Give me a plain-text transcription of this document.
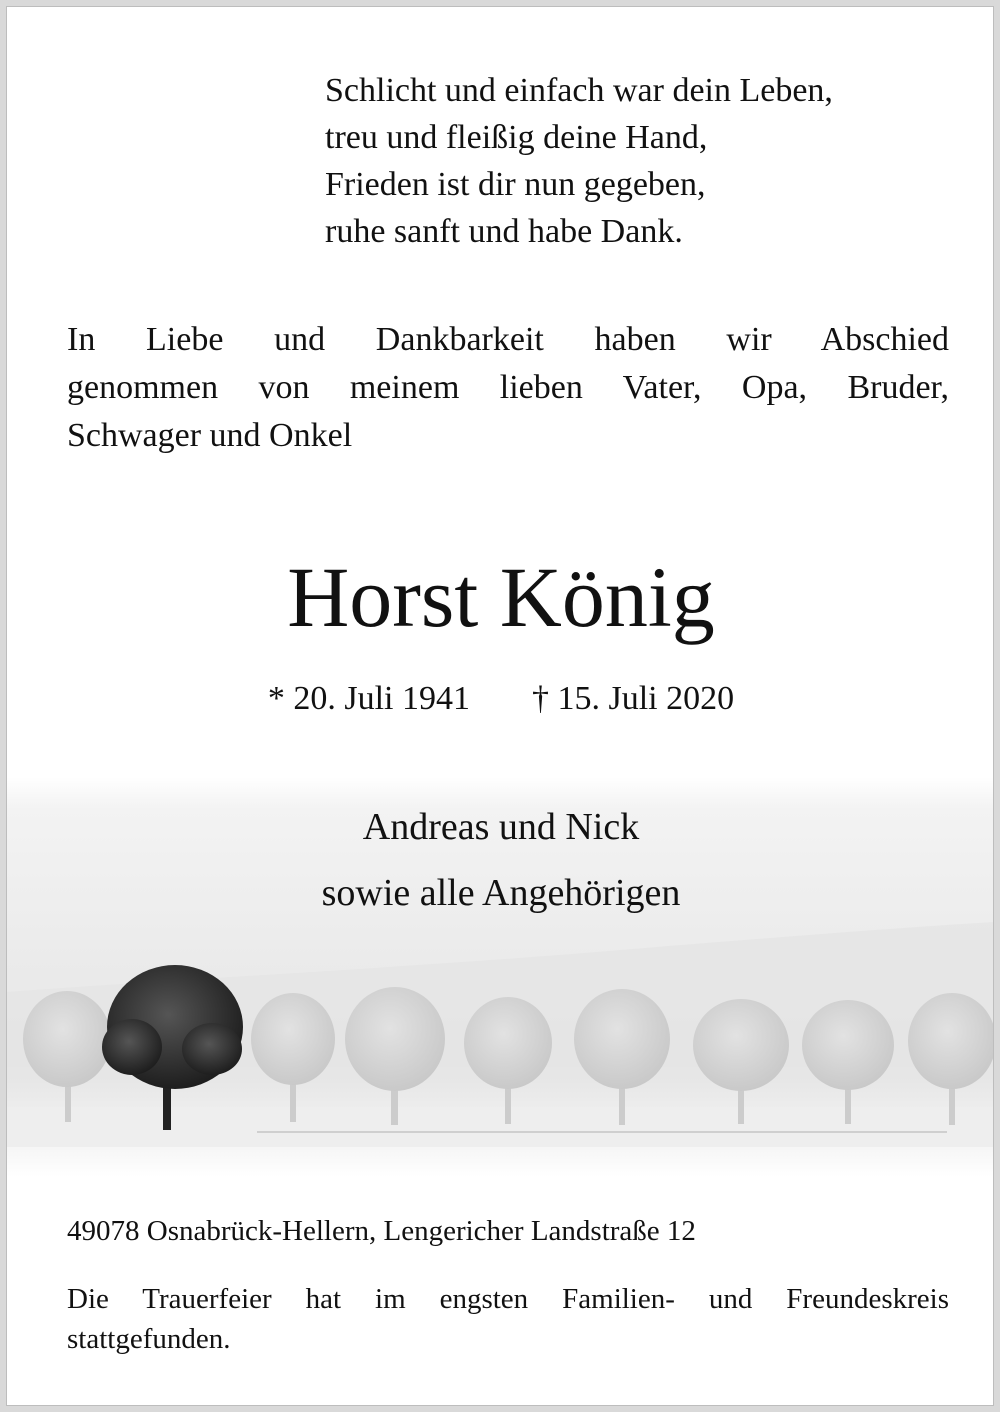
Schlicht und einfach war dein Leben,
treu und fleißig deine Hand,
Frieden ist dir nun gegeben,
ruhe sanft und habe Dank.
In Liebe und Dankbarkeit haben wir Abschied
genommen von meinem lieben Vater, Opa, Bruder,
Schwager und Onkel
Horst König
* 20. Juli 1941 † 15. Juli 2020
Andreas und Nick
sowie alle Angehörigen
49078 Osnabrück-Hellern, Lengericher Landstraße 12
Die Trauerfeier hat im engsten Familien- und Freundeskreis
stattgefunden.
